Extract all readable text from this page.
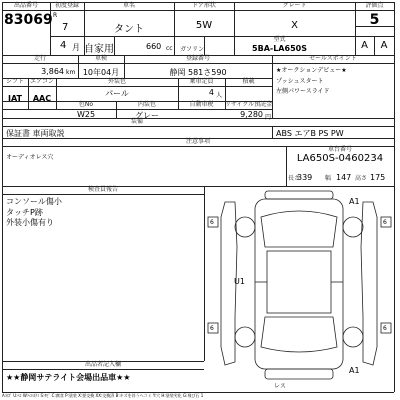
出品番号
83069
初度登録
R
7
4 月
車名
タント
自家用	660 cc ガソリン
ドア形状
5W
グレード
X
型式
5BA-LA650S
評価点
5
A	A
走行
3,864 km
車検
10年04月
登録番号
静岡 581さ590
シフト
IAT
エアコン
AAC
外装色
パール
乗車定員
4 人
積載
色No
W25
内装色
グレー
自動車税	リサイクル預託金
9,280 円
装備
保証書 車両取説
セールスポイント
★オークションデビュー★
プッシュスタート
左側パワースライド
ABS エアB PS PW
注意事項
オーディオレス穴
車台番号
LA650S-0460234
長さ
339 幅 147 高さ 175
検査員報告
コンソール傷小
タッチP跡
外装小傷有り
A1
U1
A1
6	6
6	6
レス
出品者記入欄
★★静岡サテライト会場出品車★★
A:ｷｽﾞ U:ﾍｺ W:ﾍｺﾐ/ﾅﾐ S:ｻﾋﾞ C:腐食 P:塗装 X:要交換 XX:交換済 B:キズを伴うヘコミ Y:穴 H:塗装劣化 G:飛び石 1
